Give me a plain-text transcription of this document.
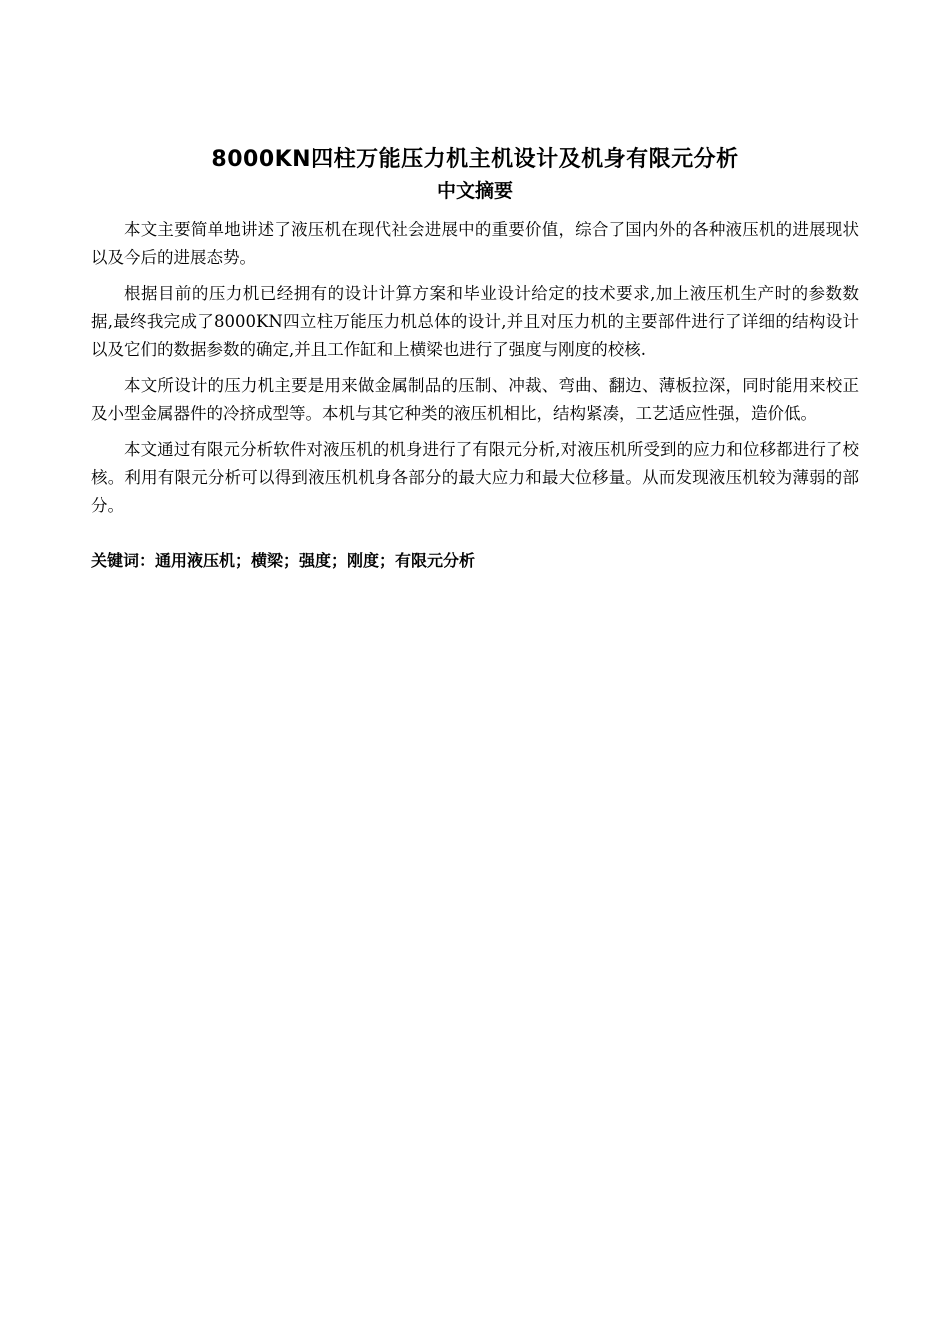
8000KN四柱万能压力机主机设计及机身有限元分析
中文摘要

本文主要简单地讲述了液压机在现代社会进展中的重要价值，综合了国内外的各种液压机的进展现状以及今后的进展态势。

根据目前的压力机已经拥有的设计计算方案和毕业设计给定的技术要求,加上液压机生产时的参数数据,最终我完成了8000KN四立柱万能压力机总体的设计,并且对压力机的主要部件进行了详细的结构设计以及它们的数据参数的确定,并且工作缸和上横梁也进行了强度与刚度的校核.

本文所设计的压力机主要是用来做金属制品的压制、冲裁、弯曲、翻边、薄板拉深，同时能用来校正及小型金属器件的冷挤成型等。本机与其它种类的液压机相比，结构紧凑，工艺适应性强，造价低。

本文通过有限元分析软件对液压机的机身进行了有限元分析,对液压机所受到的应力和位移都进行了校核。利用有限元分析可以得到液压机机身各部分的最大应力和最大位移量。从而发现液压机较为薄弱的部分。

关键词：通用液压机；横梁；强度；刚度；有限元分析
